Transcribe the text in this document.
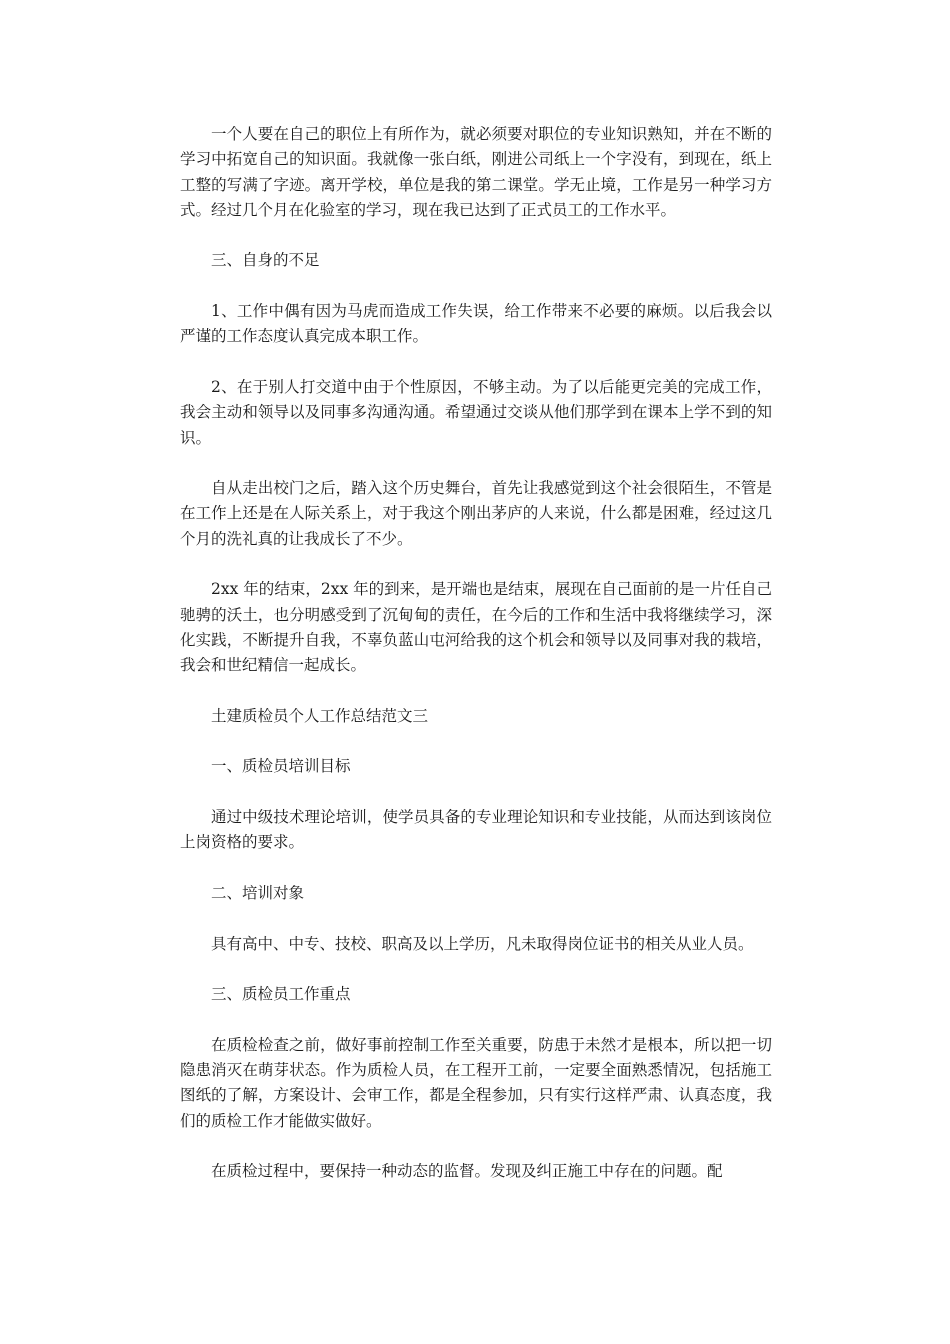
一个人要在自己的职位上有所作为，就必须要对职位的专业知识熟知，并在不断的学习中拓宽自己的知识面。我就像一张白纸，刚进公司纸上一个字没有，到现在，纸上工整的写满了字迹。离开学校，单位是我的第二课堂。学无止境，工作是另一种学习方式。经过几个月在化验室的学习，现在我已达到了正式员工的工作水平。

三、自身的不足

1、工作中偶有因为马虎而造成工作失误，给工作带来不必要的麻烦。以后我会以严谨的工作态度认真完成本职工作。

2、在于别人打交道中由于个性原因，不够主动。为了以后能更完美的完成工作，我会主动和领导以及同事多沟通沟通。希望通过交谈从他们那学到在课本上学不到的知识。

自从走出校门之后，踏入这个历史舞台，首先让我感觉到这个社会很陌生，不管是在工作上还是在人际关系上，对于我这个刚出茅庐的人来说，什么都是困难，经过这几个月的洗礼真的让我成长了不少。

2xx 年的结束，2xx 年的到来，是开端也是结束，展现在自己面前的是一片任自己驰骋的沃土，也分明感受到了沉甸甸的责任，在今后的工作和生活中我将继续学习，深化实践，不断提升自我，不辜负蓝山屯河给我的这个机会和领导以及同事对我的栽培，我会和世纪精信一起成长。

土建质检员个人工作总结范文三

一、质检员培训目标

通过中级技术理论培训，使学员具备的专业理论知识和专业技能，从而达到该岗位上岗资格的要求。

二、培训对象

具有高中、中专、技校、职高及以上学历，凡未取得岗位证书的相关从业人员。

三、质检员工作重点

在质检检查之前，做好事前控制工作至关重要，防患于未然才是根本，所以把一切隐患消灭在萌芽状态。作为质检人员，在工程开工前，一定要全面熟悉情况，包括施工图纸的了解，方案设计、会审工作，都是全程参加，只有实行这样严肃、认真态度，我们的质检工作才能做实做好。

在质检过程中，要保持一种动态的监督。发现及纠正施工中存在的问题。配
